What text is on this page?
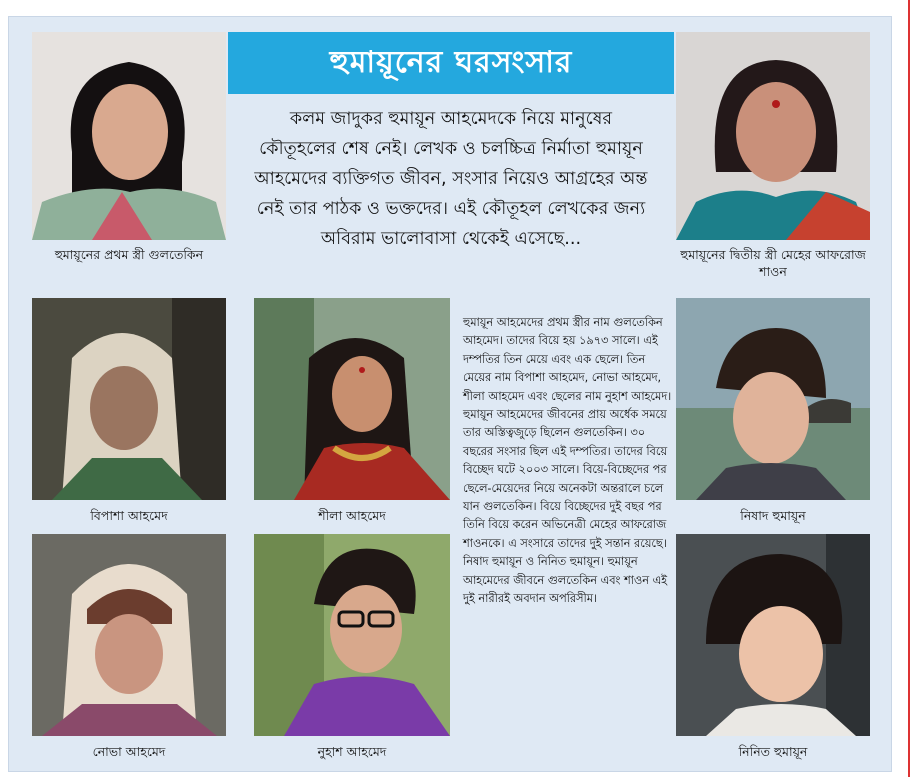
হুমায়ূনের ঘরসংসার
কলম জাদুকর হুমায়ূন আহমেদকে নিয়ে মানুষের কৌতূহলের শেষ নেই। লেখক ও চলচ্চিত্র নির্মাতা হুমায়ূন আহমেদের ব্যক্তিগত জীবন, সংসার নিয়েও আগ্রহের অন্ত নেই তার পাঠক ও ভক্তদের। এই কৌতূহল লেখকের জন্য অবিরাম ভালোবাসা থেকেই এসেছে...
হুমায়ূন আহমেদের প্রথম স্ত্রীর নাম গুলতেকিন আহমেদ। তাদের বিয়ে হয় ১৯৭৩ সালে। এই দম্পতির তিন মেয়ে এবং এক ছেলে। তিন মেয়ের নাম বিপাশা আহমেদ, নোভা আহমেদ, শীলা আহমেদ এবং ছেলের নাম নুহাশ আহমেদ। হুমায়ূন আহমেদের জীবনের প্রায় অর্ধেক সময়ে তার অস্তিত্বজুড়ে ছিলেন গুলতেকিন। ৩০ বছরের সংসার ছিল এই দম্পতির। তাদের বিয়ে বিচ্ছেদ ঘটে ২০০৩ সালে। বিয়ে-বিচ্ছেদের পর ছেলে-মেয়েদের নিয়ে অনেকটা অন্তরালে চলে যান গুলতেকিন। বিয়ে বিচ্ছেদের দুই বছর পর তিনি বিয়ে করেন অভিনেত্রী মেহের আফরোজ শাওনকে। এ সংসারে তাদের দুই সন্তান রয়েছে। নিষাদ হুমায়ূন ও নিনিত হুমায়ূন। হুমায়ূন আহমেদের জীবনে গুলতেকিন এবং শাওন এই দুই নারীরই অবদান অপরিসীম।
হুমায়ূনের প্রথম স্ত্রী গুলতেকিন	হুমায়ূনের দ্বিতীয় স্ত্রী মেহের আফরোজ শাওন
বিপাশা আহমেদ	শীলা আহমেদ	নিষাদ হুমায়ূন
নোভা আহমেদ	নুহাশ আহমেদ	নিনিত হুমায়ূন
